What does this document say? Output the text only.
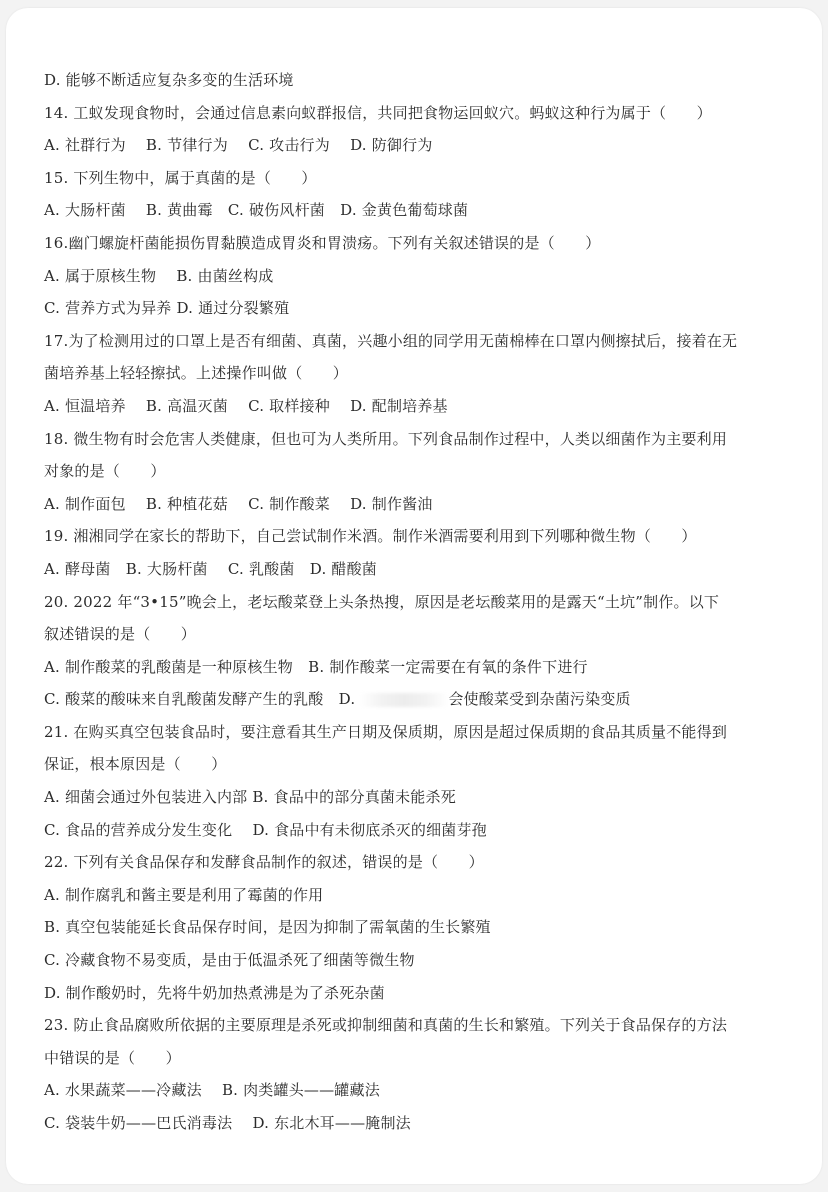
D. 能够不断适应复杂多变的生活环境
14. 工蚁发现食物时，会通过信息素向蚁群报信，共同把食物运回蚁穴。蚂蚁这种行为属于（　　）
A. 社群行为　 B. 节律行为　 C. 攻击行为　 D. 防御行为
15. 下列生物中，属于真菌的是（　　）
A. 大肠杆菌　 B. 黄曲霉　C. 破伤风杆菌　D. 金黄色葡萄球菌
16.幽门螺旋杆菌能损伤胃黏膜造成胃炎和胃溃疡。下列有关叙述错误的是（　　）
A. 属于原核生物　 B. 由菌丝构成
C. 营养方式为异养 D. 通过分裂繁殖
17.为了检测用过的口罩上是否有细菌、真菌，兴趣小组的同学用无菌棉棒在口罩内侧擦拭后，接着在无
菌培养基上轻轻擦拭。上述操作叫做（　　）
A. 恒温培养　 B. 高温灭菌　 C. 取样接种　 D. 配制培养基
18. 微生物有时会危害人类健康，但也可为人类所用。下列食品制作过程中，人类以细菌作为主要利用
对象的是（　　）
A. 制作面包　 B. 种植花菇　 C. 制作酸菜　 D. 制作酱油
19. 湘湘同学在家长的帮助下，自己尝试制作米酒。制作米酒需要利用到下列哪种微生物（　　）
A. 酵母菌　B. 大肠杆菌　 C. 乳酸菌　D. 醋酸菌
20. 2022 年“3•15”晚会上，老坛酸菜登上头条热搜，原因是老坛酸菜用的是露天“土坑”制作。以下
叙述错误的是（　　）
A. 制作酸菜的乳酸菌是一种原核生物　B. 制作酸菜一定需要在有氧的条件下进行
C. 酸菜的酸味来自乳酸菌发酵产生的乳酸　D.	会使酸菜受到杂菌污染变质
21. 在购买真空包装食品时，要注意看其生产日期及保质期，原因是超过保质期的食品其质量不能得到
保证，根本原因是（　　）
A. 细菌会通过外包装进入内部 B. 食品中的部分真菌未能杀死
C. 食品的营养成分发生变化　 D. 食品中有未彻底杀灭的细菌芽孢
22. 下列有关食品保存和发酵食品制作的叙述，错误的是（　　）
A. 制作腐乳和酱主要是利用了霉菌的作用
B. 真空包装能延长食品保存时间，是因为抑制了需氧菌的生长繁殖
C. 冷藏食物不易变质，是由于低温杀死了细菌等微生物
D. 制作酸奶时，先将牛奶加热煮沸是为了杀死杂菌
23. 防止食品腐败所依据的主要原理是杀死或抑制细菌和真菌的生长和繁殖。下列关于食品保存的方法
中错误的是（　　）
A. 水果蔬菜——冷藏法　 B. 肉类罐头——罐藏法
C. 袋装牛奶——巴氏消毒法　 D. 东北木耳——腌制法
